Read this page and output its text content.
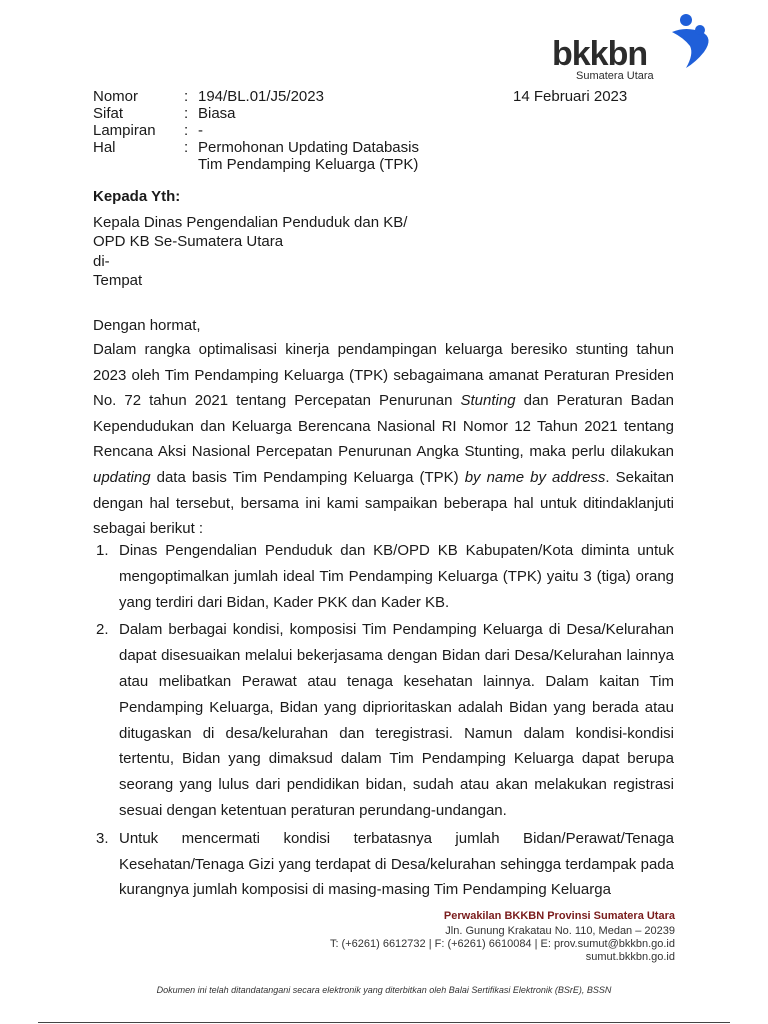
bkkbn
Sumatera Utara
Nomor	: 194/BL.01/J5/2023
Sifat	: Biasa
Lampiran : -
Hal	: Permohonan Updating Databasis
Tim Pendamping Keluarga (TPK)
14 Februari 2023
Kepada Yth:
Kepala Dinas Pengendalian Penduduk dan KB/
OPD KB Se-Sumatera Utara
di-
Tempat
Dengan hormat,

Dalam rangka optimalisasi kinerja pendampingan keluarga beresiko stunting tahun 2023 oleh Tim Pendamping Keluarga (TPK) sebagaimana amanat Peraturan Presiden No. 72 tahun 2021 tentang Percepatan Penurunan Stunting dan Peraturan Badan Kependudukan dan Keluarga Berencana Nasional RI Nomor 12 Tahun 2021 tentang Rencana Aksi Nasional Percepatan Penurunan Angka Stunting, maka perlu dilakukan updating data basis Tim Pendamping Keluarga (TPK) by name by address. Sekaitan dengan hal tersebut, bersama ini kami sampaikan beberapa hal untuk ditindaklanjuti sebagai berikut :

1. Dinas Pengendalian Penduduk dan KB/OPD KB Kabupaten/Kota diminta untuk mengoptimalkan jumlah ideal Tim Pendamping Keluarga (TPK) yaitu 3 (tiga) orang yang terdiri dari Bidan, Kader PKK dan Kader KB.
2. Dalam berbagai kondisi, komposisi Tim Pendamping Keluarga di Desa/Kelurahan dapat disesuaikan melalui bekerjasama dengan Bidan dari Desa/Kelurahan lainnya atau melibatkan Perawat atau tenaga kesehatan lainnya. Dalam kaitan Tim Pendamping Keluarga, Bidan yang diprioritaskan adalah Bidan yang berada atau ditugaskan di desa/kelurahan dan teregistrasi. Namun dalam kondisi-kondisi tertentu, Bidan yang dimaksud dalam Tim Pendamping Keluarga dapat berupa seorang yang lulus dari pendidikan bidan, sudah atau akan melakukan registrasi sesuai dengan ketentuan peraturan perundang-undangan.
3. Untuk mencermati kondisi terbatasnya jumlah Bidan/Perawat/Tenaga Kesehatan/Tenaga Gizi yang terdapat di Desa/kelurahan sehingga terdampak pada kurangnya jumlah komposisi di masing-masing Tim Pendamping Keluarga
Perwakilan BKKBN Provinsi Sumatera Utara
Jln. Gunung Krakatau No. 110, Medan – 20239
T: (+6261) 6612732 | F: (+6261) 6610084 | E: prov.sumut@bkkbn.go.id
sumut.bkkbn.go.id
Dokumen ini telah ditandatangani secara elektronik yang diterbitkan oleh Balai Sertifikasi Elektronik (BSrE), BSSN
